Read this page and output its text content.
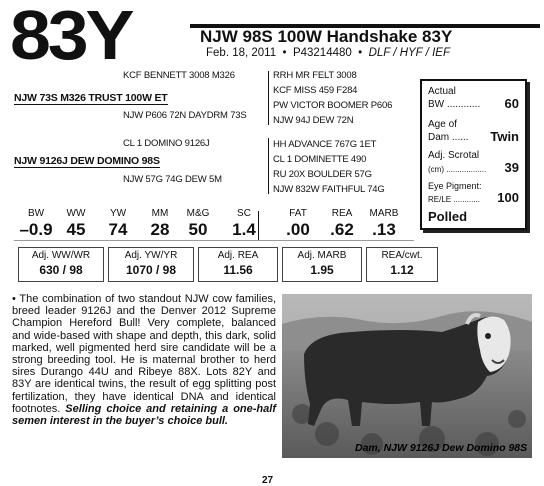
83Y	NJW 98S 100W Handshake 83Y
Feb. 18, 2011 • P43214480 • DLF / HYF / IEF
KCF BENNETT 3008 M326
NJW 73S M326 TRUST 100W ET
NJW P606 72N DAYDRM 73S
CL 1 DOMINO 9126J
NJW 9126J DEW DOMINO 98S
NJW 57G 74G DEW 5M
RRH MR FELT 3008
KCF MISS 459 F284
PW VICTOR BOOMER P606
NJW 94J DEW 72N
HH ADVANCE 767G 1ET
CL 1 DOMINETTE 490
RU 20X BOULDER 57G
NJW 832W FAITHFUL 74G
Actual
BW ............ 60
Age of
Dam ...... Twin
Adj. Scrotal
(cm) .................. 39
Eye Pigment:
RE/LE ............ 100
Polled
BW	WW	YW	MM	M&G	SC	FAT	REA	MARB
–0.9 45	74	28	50	1.4	.00	.62	.13
Adj. WW/WR
630 / 98
Adj. YW/YR
1070 / 98
Adj. REA
11.56
Adj. MARB
1.95
REA/cwt.
1.12
• The combination of two standout NJW cow families, breed leader 9126J and the Denver 2012 Supreme Champion Hereford Bull! Very complete, balanced and wide-based with shape and depth, this dark, solid marked, well pigmented herd sire candidate will be a strong breeding tool. He is maternal brother to herd sires Durango 44U and Ribeye 88X. Lots 82Y and 83Y are identical twins, the result of egg splitting post fertilization, they have identical DNA and identical footnotes. Selling choice and retaining a one-half semen interest in the buyer’s choice bull.
Dam, NJW 9126J Dew Domino 98S
27
